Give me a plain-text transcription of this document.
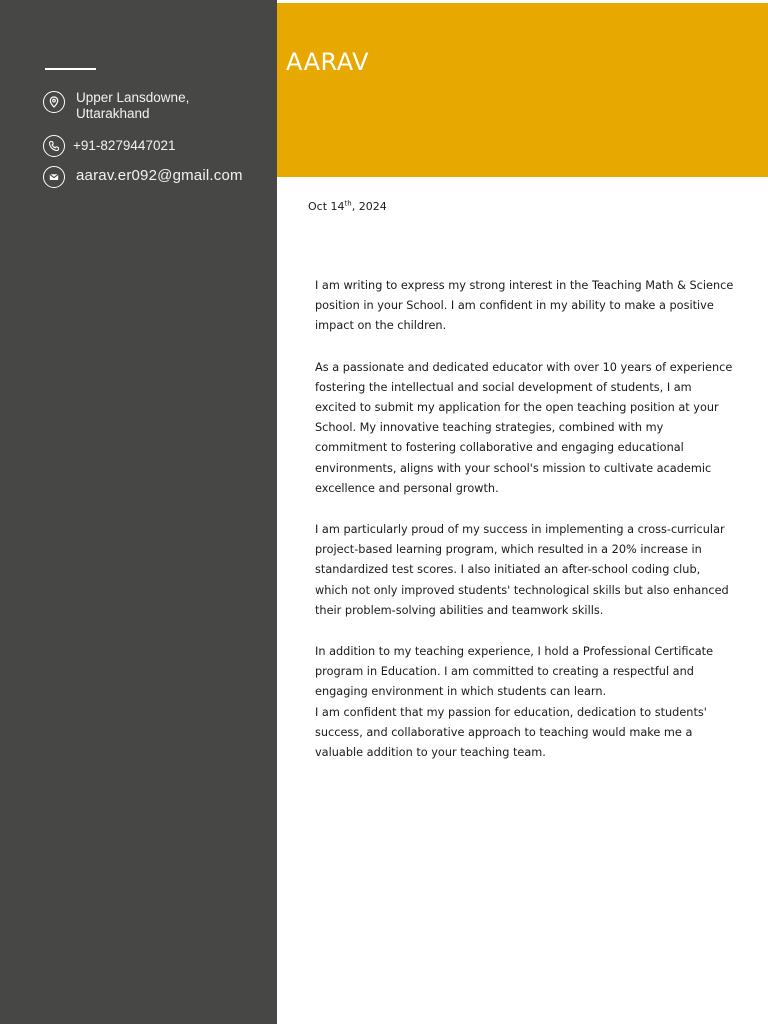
Upper Lansdowne,
Uttarakhand
+91-8279447021
aarav.er092@gmail.com
AARAV
Oct 14th, 2024

I am writing to express my strong interest in the Teaching Math & Science position in your School. I am confident in my ability to make a positive impact on the children.

As a passionate and dedicated educator with over 10 years of experience fostering the intellectual and social development of students, I am excited to submit my application for the open teaching position at your School. My innovative teaching strategies, combined with my commitment to fostering collaborative and engaging educational environments, aligns with your school's mission to cultivate academic excellence and personal growth.

I am particularly proud of my success in implementing a cross-curricular project-based learning program, which resulted in a 20% increase in standardized test scores. I also initiated an after-school coding club, which not only improved students' technological skills but also enhanced their problem-solving abilities and teamwork skills.

In addition to my teaching experience, I hold a Professional Certificate program in Education. I am committed to creating a respectful and engaging environment in which students can learn.

I am confident that my passion for education, dedication to students' success, and collaborative approach to teaching would make me a valuable addition to your teaching team.
